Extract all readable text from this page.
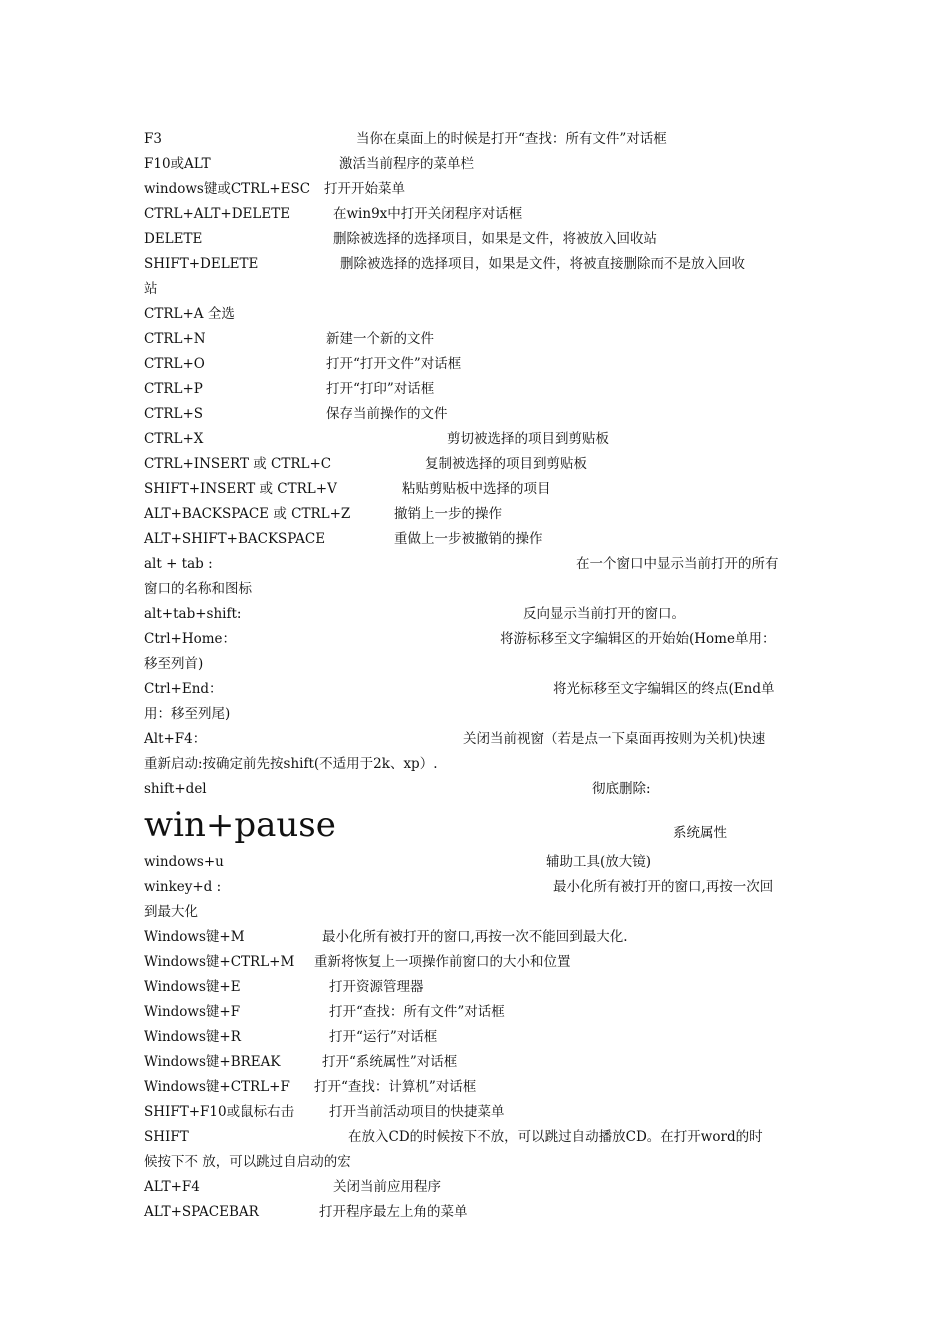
F3	当你在桌面上的时候是打开“查找：所有文件”对话框
F10或ALT	激活当前程序的菜单栏
windows键或CTRL+ESC 打开开始菜单
CTRL+ALT+DELETE	在win9x中打开关闭程序对话框
DELETE	删除被选择的选择项目，如果是文件，将被放入回收站
SHIFT+DELETE	删除被选择的选择项目，如果是文件，将被直接删除而不是放入回收
站
CTRL+A 全选
CTRL+N	新建一个新的文件
CTRL+O	打开“打开文件”对话框
CTRL+P	打开“打印”对话框
CTRL+S	保存当前操作的文件
CTRL+X	剪切被选择的项目到剪贴板
CTRL+INSERT 或 CTRL+C	复制被选择的项目到剪贴板
SHIFT+INSERT 或 CTRL+V	粘贴剪贴板中选择的项目
ALT+BACKSPACE 或 CTRL+Z	撤销上一步的操作
ALT+SHIFT+BACKSPACE	重做上一步被撤销的操作
alt + tab :	在一个窗口中显示当前打开的所有
窗口的名称和图标
alt+tab+shift:	反向显示当前打开的窗口。
Ctrl+Home：	将游标移至文字编辑区的开始始(Home单用：
移至列首)
Ctrl+End：	将光标移至文字编辑区的终点(End单
用：移至列尾)
Alt+F4：	关闭当前视窗（若是点一下桌面再按则为关机)快速
重新启动:按确定前先按shift(不适用于2k、xp）.
shift+del	彻底删除:
win+pause	系统属性
windows+u	辅助工具(放大镜)
winkey+d :	最小化所有被打开的窗口,再按一次回
到最大化
Windows键+M	最小化所有被打开的窗口,再按一次不能回到最大化.
Windows键+CTRL+M 重新将恢复上一项操作前窗口的大小和位置
Windows键+E	打开资源管理器
Windows键+F	打开“查找：所有文件”对话框
Windows键+R	打开“运行”对话框
Windows键+BREAK	打开“系统属性”对话框
Windows键+CTRL+F 打开“查找：计算机”对话框
SHIFT+F10或鼠标右击	打开当前活动项目的快捷菜单
SHIFT	在放入CD的时候按下不放，可以跳过自动播放CD。在打开word的时
候按下不 放，可以跳过自启动的宏
ALT+F4	关闭当前应用程序
ALT+SPACEBAR	打开程序最左上角的菜单
